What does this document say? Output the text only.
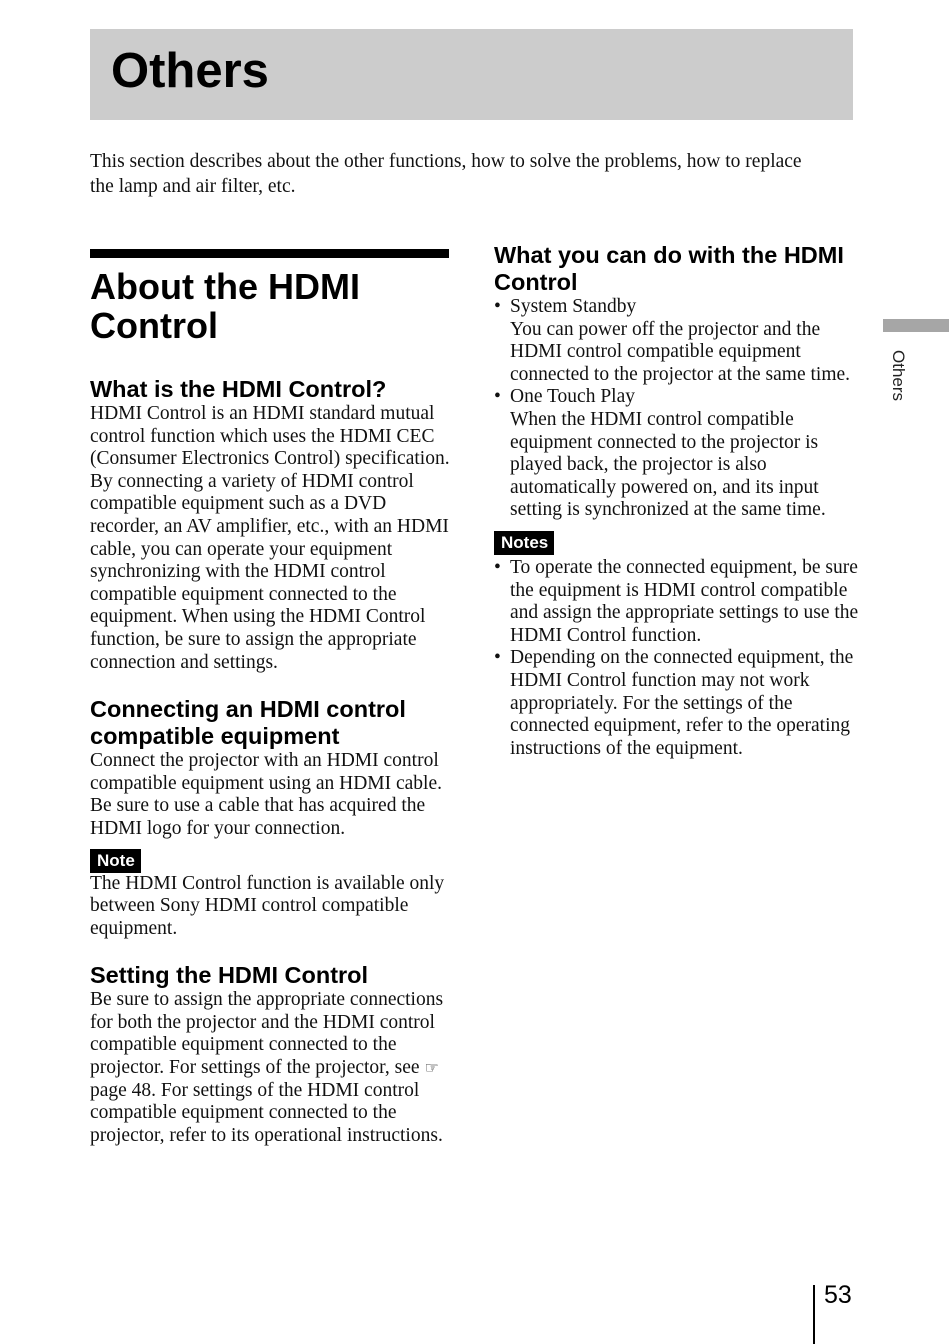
Others

This section describes about the other functions, how to solve the problems, how to replace the lamp and air filter, etc.

Others
About the HDMI Control
What is the HDMI Control?

HDMI Control is an HDMI standard mutual control function which uses the HDMI CEC (Consumer Electronics Control) specification. By connecting a variety of HDMI control compatible equipment such as a DVD recorder, an AV amplifier, etc., with an HDMI cable, you can operate your equipment synchronizing with the HDMI control compatible equipment connected to the equipment. When using the HDMI Control function, be sure to assign the appropriate connection and settings.

Connecting an HDMI control compatible equipment

Connect the projector with an HDMI control compatible equipment using an HDMI cable. Be sure to use a cable that has acquired the HDMI logo for your connection.

Note

The HDMI Control function is available only between Sony HDMI control compatible equipment.

Setting the HDMI Control

Be sure to assign the appropriate connections for both the projector and the HDMI control compatible equipment connected to the projector. For settings of the projector, see ☞ page 48. For settings of the HDMI control compatible equipment connected to the projector, refer to its operational instructions.

What you can do with the HDMI Control
• System Standby
You can power off the projector and the HDMI control compatible equipment connected to the projector at the same time.
• One Touch Play
When the HDMI control compatible equipment connected to the projector is played back, the projector is also automatically powered on, and its input setting is synchronized at the same time.
Notes
• To operate the connected equipment, be sure the equipment is HDMI control compatible and assign the appropriate settings to use the HDMI Control function.
• Depending on the connected equipment, the HDMI Control function may not work appropriately. For the settings of the connected equipment, refer to the operating instructions of the equipment.
53
